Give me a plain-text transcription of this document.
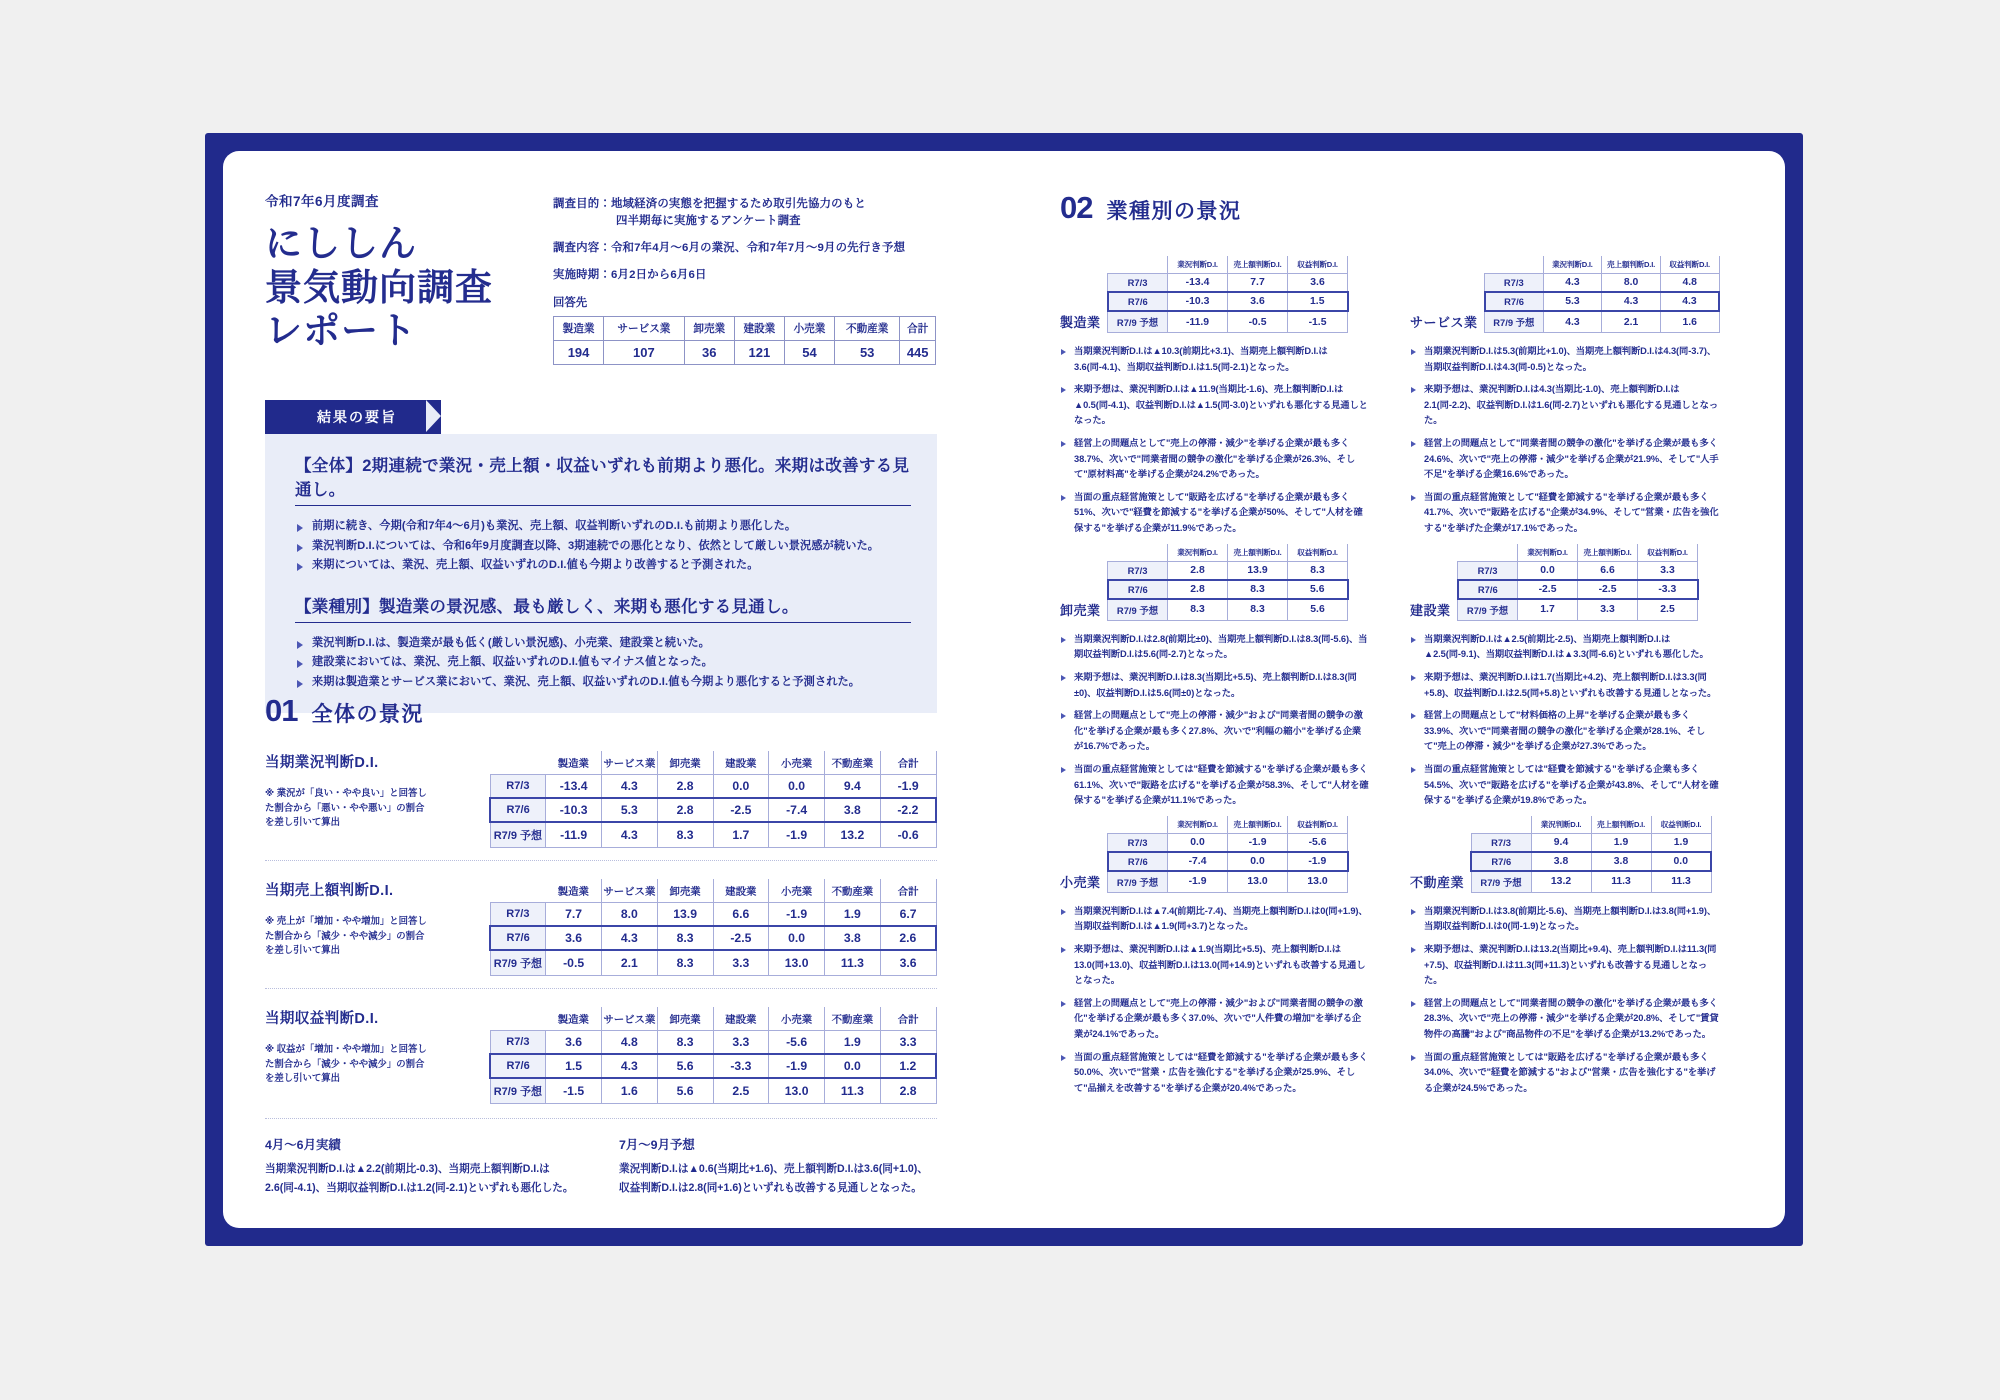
令和7年6月度調査
にししん
景気動向調査
レポート
調査目的：地域経済の実態を把握するため取引先協力のもと
四半期毎に実施するアンケート調査
調査内容：令和7年4月～6月の業況、令和7年7月～9月の先行き予想
実施時期：6月2日から6月6日
回答先
製造業	サービス業	卸売業	建設業	小売業	不動産業	合計
194	107	36	121	54	53	445
結果の要旨
【全体】2期連続で業況・売上額・収益いずれも前期より悪化。来期は改善する見通し。
前期に続き、今期(令和7年4～6月)も業況、売上額、収益判断いずれのD.I.も前期より悪化した。
業況判断D.I.については、令和6年9月度調査以降、3期連続での悪化となり、依然として厳しい景況感が続いた。
来期については、業況、売上額、収益いずれのD.I.値も今期より改善すると予測された。
【業種別】製造業の景況感、最も厳しく、来期も悪化する見通し。
業況判断D.I.は、製造業が最も低く(厳しい景況感)、小売業、建設業と続いた。
建設業においては、業況、売上額、収益いずれのD.I.値もマイナス値となった。
来期は製造業とサービス業において、業況、売上額、収益いずれのD.I.値も今期より悪化すると予測された。
01 全体の景況
当期業況判断D.I.
※ 業況が「良い・やや良い」と回答した割合から「悪い・やや悪い」の割合を差し引いて算出
	製造業	サービス業	卸売業	建設業	小売業	不動産業	合計
R7/3	-13.4	4.3	2.8	0.0	0.0	9.4	-1.9
R7/6	-10.3	5.3	2.8	-2.5	-7.4	3.8	-2.2
R7/9 予想	-11.9	4.3	8.3	1.7	-1.9	13.2	-0.6
当期売上額判断D.I.
※ 売上が「増加・やや増加」と回答した割合から「減少・やや減少」の割合を差し引いて算出
	製造業	サービス業	卸売業	建設業	小売業	不動産業	合計
R7/3	7.7	8.0	13.9	6.6	-1.9	1.9	6.7
R7/6	3.6	4.3	8.3	-2.5	0.0	3.8	2.6
R7/9 予想	-0.5	2.1	8.3	3.3	13.0	11.3	3.6
当期収益判断D.I.
※ 収益が「増加・やや増加」と回答した割合から「減少・やや減少」の割合を差し引いて算出
	製造業	サービス業	卸売業	建設業	小売業	不動産業	合計
R7/3	3.6	4.8	8.3	3.3	-5.6	1.9	3.3
R7/6	1.5	4.3	5.6	-3.3	-1.9	0.0	1.2
R7/9 予想	-1.5	1.6	5.6	2.5	13.0	11.3	2.8
4月～6月実績
当期業況判断D.I.は▲2.2(前期比-0.3)、当期売上額判断D.I.は2.6(同-4.1)、当期収益判断D.I.は1.2(同-2.1)といずれも悪化した。
7月～9月予想
業況判断D.I.は▲0.6(当期比+1.6)、売上額判断D.I.は3.6(同+1.0)、収益判断D.I.は2.8(同+1.6)といずれも改善する見通しとなった。
02 業種別の景況
製造業
	業況判断D.I.	売上額判断D.I.	収益判断D.I.
R7/3	-13.4	7.7	3.6
R7/6	-10.3	3.6	1.5
R7/9 予想	-11.9	-0.5	-1.5
当期業況判断D.I.は▲10.3(前期比+3.1)、当期売上額判断D.I.は3.6(同-4.1)、当期収益判断D.I.は1.5(同-2.1)となった。
来期予想は、業況判断D.I.は▲11.9(当期比-1.6)、売上額判断D.I.は▲0.5(同-4.1)、収益判断D.I.は▲1.5(同-3.0)といずれも悪化する見通しとなった。
経営上の問題点として"売上の停滞・減少"を挙げる企業が最も多く38.7%、次いで"同業者間の競争の激化"を挙げる企業が26.3%、そして"原材料高"を挙げる企業が24.2%であった。
当面の重点経営施策として"販路を広げる"を挙げる企業が最も多く51%、次いで"経費を節減する"を挙げる企業が50%、そして"人材を確保する"を挙げる企業が11.9%であった。
サービス業
	業況判断D.I.	売上額判断D.I.	収益判断D.I.
R7/3	4.3	8.0	4.8
R7/6	5.3	4.3	4.3
R7/9 予想	4.3	2.1	1.6
当期業況判断D.I.は5.3(前期比+1.0)、当期売上額判断D.I.は4.3(同-3.7)、当期収益判断D.I.は4.3(同-0.5)となった。
来期予想は、業況判断D.I.は4.3(当期比-1.0)、売上額判断D.I.は2.1(同-2.2)、収益判断D.I.は1.6(同-2.7)といずれも悪化する見通しとなった。
経営上の問題点として"同業者間の競争の激化"を挙げる企業が最も多く24.6%、次いで"売上の停滞・減少"を挙げる企業が21.9%、そして"人手不足"を挙げる企業16.6%であった。
当面の重点経営施策として"経費を節減する"を挙げる企業が最も多く41.7%、次いで"販路を広げる"企業が34.9%、そして"営業・広告を強化する"を挙げた企業が17.1%であった。
卸売業
	業況判断D.I.	売上額判断D.I.	収益判断D.I.
R7/3	2.8	13.9	8.3
R7/6	2.8	8.3	5.6
R7/9 予想	8.3	8.3	5.6
当期業況判断D.I.は2.8(前期比±0)、当期売上額判断D.I.は8.3(同-5.6)、当期収益判断D.I.は5.6(同-2.7)となった。
来期予想は、業況判断D.I.は8.3(当期比+5.5)、売上額判断D.I.は8.3(同±0)、収益判断D.I.は5.6(同±0)となった。
経営上の問題点として"売上の停滞・減少"および"同業者間の競争の激化"を挙げる企業が最も多く27.8%、次いで"利幅の縮小"を挙げる企業が16.7%であった。
当面の重点経営施策としては"経費を節減する"を挙げる企業が最も多く61.1%、次いで"販路を広げる"を挙げる企業が58.3%、そして"人材を確保する"を挙げる企業が11.1%であった。
建設業
	業況判断D.I.	売上額判断D.I.	収益判断D.I.
R7/3	0.0	6.6	3.3
R7/6	-2.5	-2.5	-3.3
R7/9 予想	1.7	3.3	2.5
当期業況判断D.I.は▲2.5(前期比-2.5)、当期売上額判断D.I.は▲2.5(同-9.1)、当期収益判断D.I.は▲3.3(同-6.6)といずれも悪化した。
来期予想は、業況判断D.I.は1.7(当期比+4.2)、売上額判断D.I.は3.3(同+5.8)、収益判断D.I.は2.5(同+5.8)といずれも改善する見通しとなった。
経営上の問題点として"材料価格の上昇"を挙げる企業が最も多く33.9%、次いで"同業者間の競争の激化"を挙げる企業が28.1%、そして"売上の停滞・減少"を挙げる企業が27.3%であった。
当面の重点経営施策としては"経費を節減する"を挙げる企業も多く54.5%、次いで"販路を広げる"を挙げる企業が43.8%、そして"人材を確保する"を挙げる企業が19.8%であった。
小売業
	業況判断D.I.	売上額判断D.I.	収益判断D.I.
R7/3	0.0	-1.9	-5.6
R7/6	-7.4	0.0	-1.9
R7/9 予想	-1.9	13.0	13.0
当期業況判断D.I.は▲7.4(前期比-7.4)、当期売上額判断D.I.は0(同+1.9)、当期収益判断D.I.は▲1.9(同+3.7)となった。
来期予想は、業況判断D.I.は▲1.9(当期比+5.5)、売上額判断D.I.は13.0(同+13.0)、収益判断D.I.は13.0(同+14.9)といずれも改善する見通しとなった。
経営上の問題点として"売上の停滞・減少"および"同業者間の競争の激化"を挙げる企業が最も多く37.0%、次いで"人件費の増加"を挙げる企業が24.1%であった。
当面の重点経営施策としては"経費を節減する"を挙げる企業が最も多く50.0%、次いで"営業・広告を強化する"を挙げる企業が25.9%、そして"品揃えを改善する"を挙げる企業が20.4%であった。
不動産業
	業況判断D.I.	売上額判断D.I.	収益判断D.I.
R7/3	9.4	1.9	1.9
R7/6	3.8	3.8	0.0
R7/9 予想	13.2	11.3	11.3
当期業況判断D.I.は3.8(前期比-5.6)、当期売上額判断D.I.は3.8(同+1.9)、当期収益判断D.I.は0(同-1.9)となった。
来期予想は、業況判断D.I.は13.2(当期比+9.4)、売上額判断D.I.は11.3(同+7.5)、収益判断D.I.は11.3(同+11.3)といずれも改善する見通しとなった。
経営上の問題点として"同業者間の競争の激化"を挙げる企業が最も多く28.3%、次いで"売上の停滞・減少"を挙げる企業が20.8%、そして"賃貸物件の高騰"および"商品物件の不足"を挙げる企業が13.2%であった。
当面の重点経営施策としては"販路を広げる"を挙げる企業が最も多く34.0%、次いで"経費を節減する"および"営業・広告を強化する"を挙げる企業が24.5%であった。
